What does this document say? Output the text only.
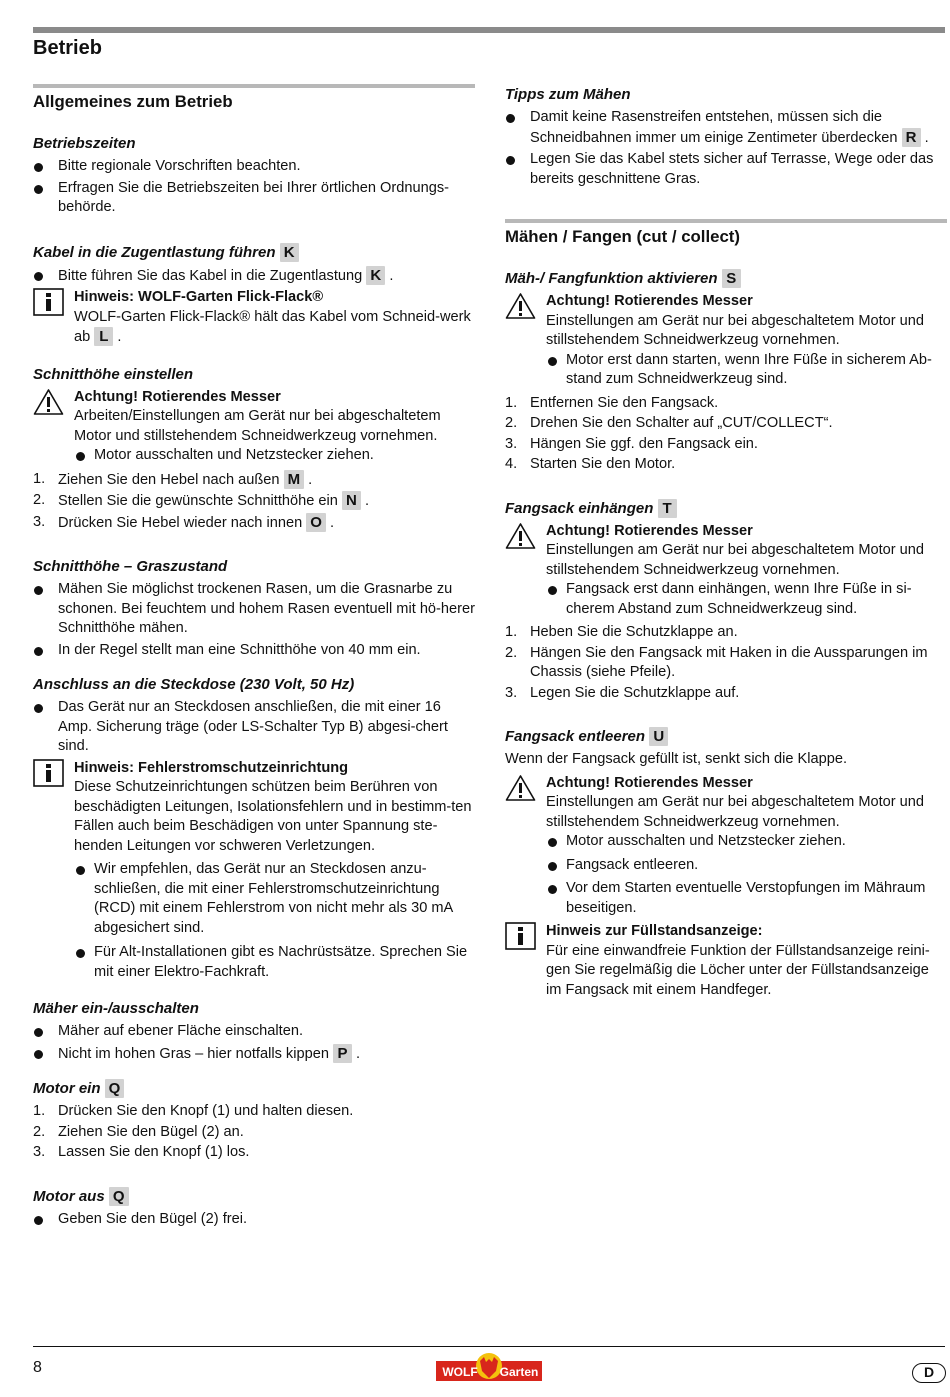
Betrieb
Allgemeines zum Betrieb
Betriebszeiten
Bitte regionale Vorschriften beachten.
Erfragen Sie die Betriebszeiten bei Ihrer örtlichen Ordnungs-behörde.
Kabel in die Zugentlastung führen K
Bitte führen Sie das Kabel in die Zugentlastung K .
Hinweis: WOLF-Garten Flick-Flack®
WOLF-Garten Flick-Flack® hält das Kabel vom Schneid-werk ab L .
Schnitthöhe einstellen
Achtung! Rotierendes Messer
Arbeiten/Einstellungen am Gerät nur bei abgeschaltetem Motor und stillstehendem Schneidwerkzeug vornehmen.
Motor ausschalten und Netzstecker ziehen.
1. Ziehen Sie den Hebel nach außen M .
2. Stellen Sie die gewünschte Schnitthöhe ein N .
3. Drücken Sie Hebel wieder nach innen O .
Schnitthöhe – Graszustand
Mähen Sie möglichst trockenen Rasen, um die Grasnarbe zu schonen. Bei feuchtem und hohem Rasen eventuell mit hö-herer Schnitthöhe mähen.
In der Regel stellt man eine Schnitthöhe von 40 mm ein.
Anschluss an die Steckdose (230 Volt, 50 Hz)
Das Gerät nur an Steckdosen anschließen, die mit einer 16 Amp. Sicherung träge (oder LS-Schalter Typ B) abgesi-chert sind.
Hinweis: Fehlerstromschutzeinrichtung
Diese Schutzeinrichtungen schützen beim Berühren von beschädigten Leitungen, Isolationsfehlern und in bestimm-ten Fällen auch beim Beschädigen von unter Spannung ste-henden Leitungen vor schweren Verletzungen.
Wir empfehlen, das Gerät nur an Steckdosen anzu-schließen, die mit einer Fehlerstromschutzeinrichtung (RCD) mit einem Fehlerstrom von nicht mehr als 30 mA abgesichert sind.
Für Alt-Installationen gibt es Nachrüstsätze. Sprechen Sie mit einer Elektro-Fachkraft.
Mäher ein-/ausschalten
Mäher auf ebener Fläche einschalten.
Nicht im hohen Gras – hier notfalls kippen P .
Motor ein Q
1. Drücken Sie den Knopf (1) und halten diesen.
2. Ziehen Sie den Bügel (2) an.
3. Lassen Sie den Knopf (1) los.
Motor aus Q
Geben Sie den Bügel (2) frei.
Tipps zum Mähen
Damit keine Rasenstreifen entstehen, müssen sich die Schneidbahnen immer um einige Zentimeter überdecken R .
Legen Sie das Kabel stets sicher auf Terrasse, Wege oder das bereits geschnittene Gras.
Mähen / Fangen (cut / collect)
Mäh-/ Fangfunktion aktivieren S
Achtung! Rotierendes Messer
Einstellungen am Gerät nur bei abgeschaltetem Motor und stillstehendem Schneidwerkzeug vornehmen.
Motor erst dann starten, wenn Ihre Füße in sicherem Ab-stand zum Schneidwerkzeug sind.
1. Entfernen Sie den Fangsack.
2. Drehen Sie den Schalter auf „CUT/COLLECT“.
3. Hängen Sie ggf. den Fangsack ein.
4. Starten Sie den Motor.
Fangsack einhängen T
Achtung! Rotierendes Messer
Einstellungen am Gerät nur bei abgeschaltetem Motor und stillstehendem Schneidwerkzeug vornehmen.
Fangsack erst dann einhängen, wenn Ihre Füße in si-cherem Abstand zum Schneidwerkzeug sind.
1. Heben Sie die Schutzklappe an.
2. Hängen Sie den Fangsack mit Haken in die Aussparungen im Chassis (siehe Pfeile).
3. Legen Sie die Schutzklappe auf.
Fangsack entleeren U
Wenn der Fangsack gefüllt ist, senkt sich die Klappe.
Achtung! Rotierendes Messer
Einstellungen am Gerät nur bei abgeschaltetem Motor und stillstehendem Schneidwerkzeug vornehmen.
Motor ausschalten und Netzstecker ziehen.
Fangsack entleeren.
Vor dem Starten eventuelle Verstopfungen im Mähraum beseitigen.
Hinweis zur Füllstandsanzeige:
Für eine einwandfreie Funktion der Füllstandsanzeige reini-gen Sie regelmäßig die Löcher unter der Füllstandsanzeige im Fangsack mit einem Handfeger.
8	WOLF Garten	D
